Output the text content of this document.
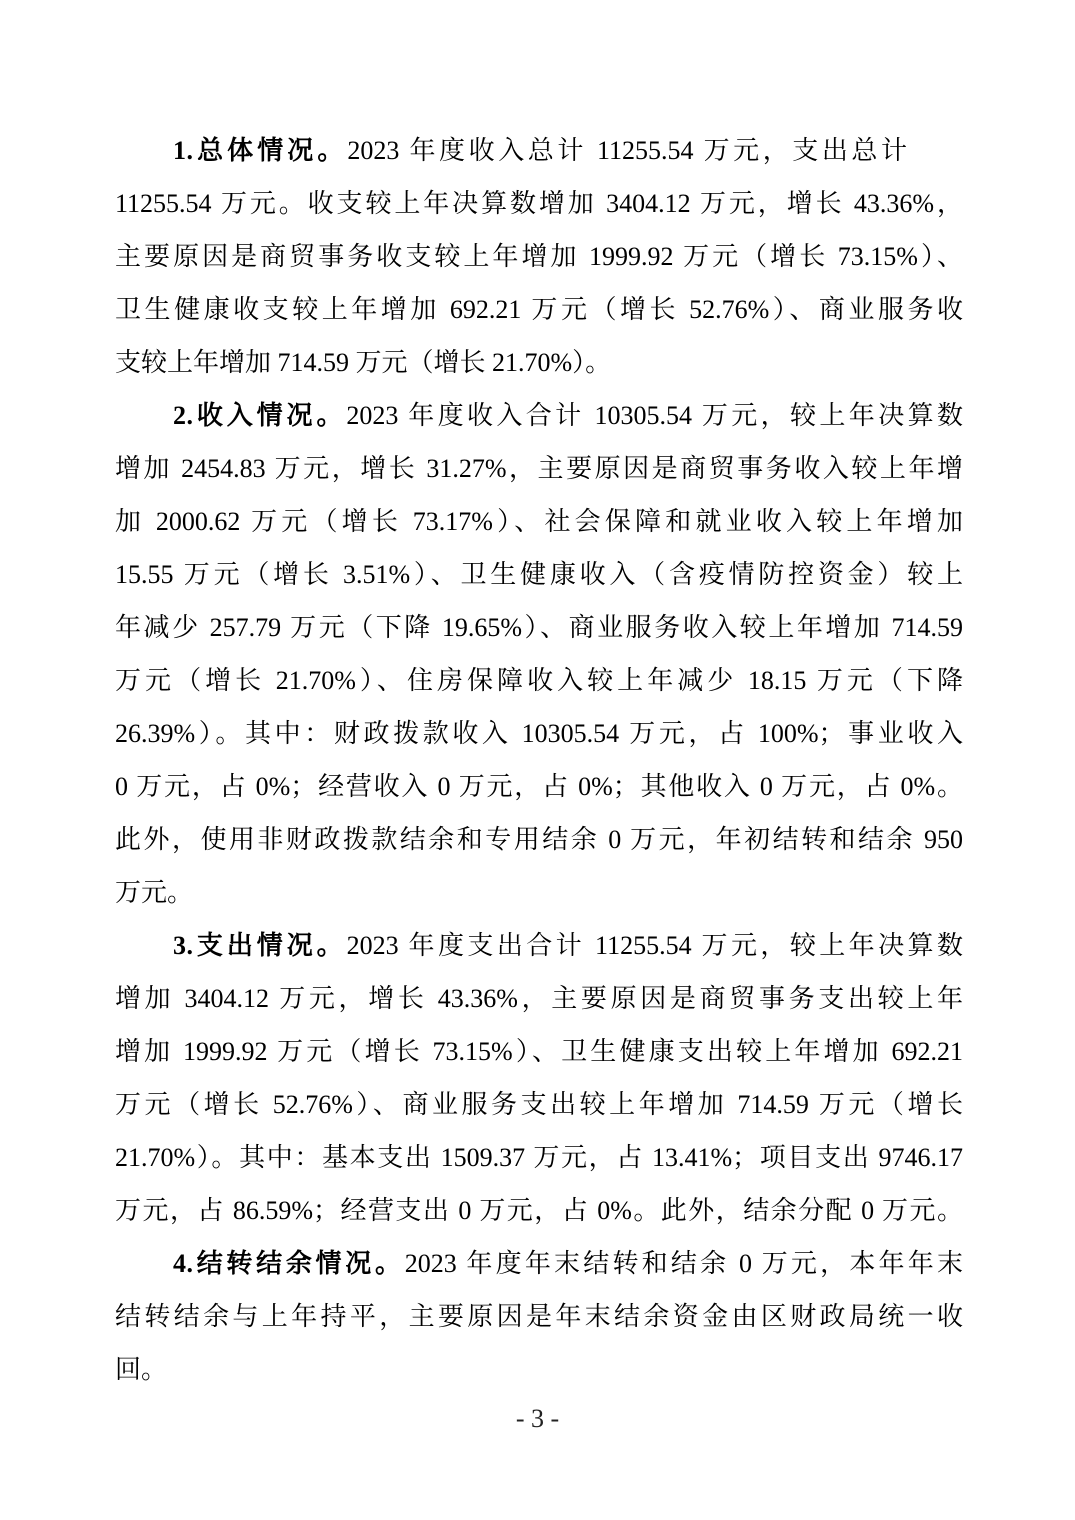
1.总体情况。2023 年度收入总计 11255.54 万元，支出总计
11255.54 万元。收支较上年决算数增加 3404.12 万元，增长 43.36%，
主要原因是商贸事务收支较上年增加 1999.92 万元（增长 73.15%）、
卫生健康收支较上年增加 692.21 万元（增长 52.76%）、商业服务收
支较上年增加 714.59 万元（增长 21.70%）。
2.收入情况。2023 年度收入合计 10305.54 万元，较上年决算数
增加 2454.83 万元，增长 31.27%，主要原因是商贸事务收入较上年增
加 2000.62 万元（增长 73.17%）、社会保障和就业收入较上年增加
15.55 万元（增长 3.51%）、卫生健康收入（含疫情防控资金）较上
年减少 257.79 万元（下降 19.65%）、商业服务收入较上年增加 714.59
万元（增长 21.70%）、住房保障收入较上年减少 18.15 万元（下降
26.39%）。其中：财政拨款收入 10305.54 万元，占 100%；事业收入
0 万元，占 0%；经营收入 0 万元，占 0%；其他收入 0 万元，占 0%。
此外，使用非财政拨款结余和专用结余 0 万元，年初结转和结余 950
万元。
3.支出情况。2023 年度支出合计 11255.54 万元，较上年决算数
增加 3404.12 万元，增长 43.36%，主要原因是商贸事务支出较上年
增加 1999.92 万元（增长 73.15%）、卫生健康支出较上年增加 692.21
万元（增长 52.76%）、商业服务支出较上年增加 714.59 万元（增长
21.70%）。其中：基本支出 1509.37 万元，占 13.41%；项目支出 9746.17
万元，占 86.59%；经营支出 0 万元，占 0%。此外，结余分配 0 万元。
4.结转结余情况。2023 年度年末结转和结余 0 万元，本年年末
结转结余与上年持平，主要原因是年末结余资金由区财政局统一收
回。
- 3 -
